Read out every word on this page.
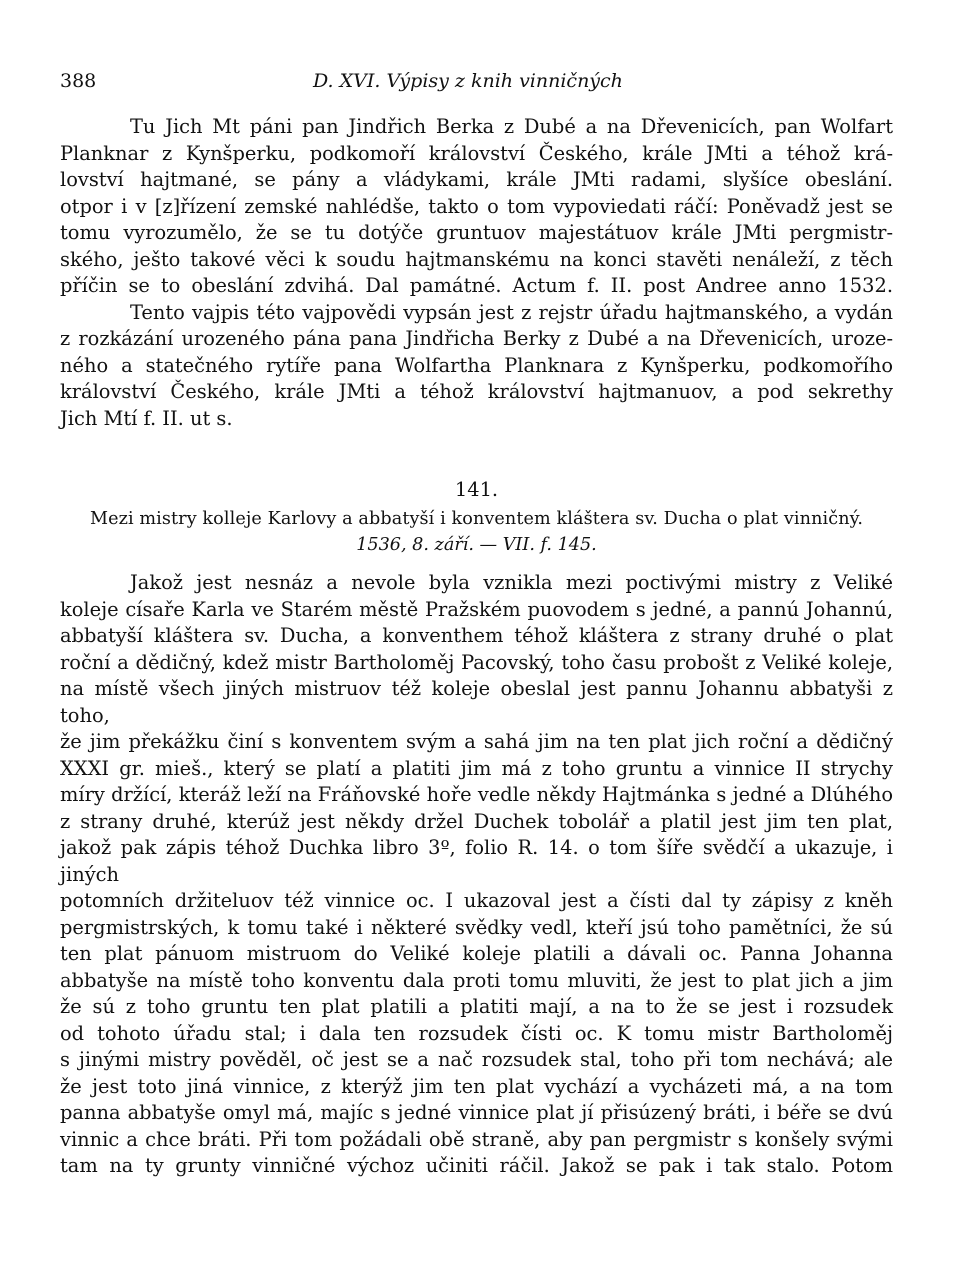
388	D. XVI. Výpisy z knih vinničných
Tu Jich Mt páni pan Jindřich Berka z Dubé a na Dřevenicích, pan Wolfart
Planknar z Kynšperku, podkomoří království Českého, krále JMti a téhož krá-
lovství hajtmané, se pány a vládykami, krále JMti radami, slyšíce obeslání.
otpor i v [z]řízení zemské nahlédše, takto o tom vypoviedati ráčí: Poněvadž jest se
tomu vyrozumělo, že se tu dotýče gruntuov majestátuov krále JMti pergmistr-
ského, ješto takové věci k soudu hajtmanskému na konci stavěti nenáleží, z těch
příčin se to obeslání zdvihá. Dal památné. Actum f. II. post Andree anno 1532.
Tento vajpis této vajpovědi vypsán jest z rejstr úřadu hajtmanského, a vydán
z rozkázání urozeného pána pana Jindřicha Berky z Dubé a na Dřevenicích, uroze-
ného a statečného rytíře pana Wolfartha Planknara z Kynšperku, podkomořího
království Českého, krále JMti a téhož království hajtmanuov, a pod sekrethy
Jich Mtí f. II. ut s.
141.
Mezi mistry kolleje Karlovy a abbatyší i konventem kláštera sv. Ducha o plat vinničný.
1536, 8. září. — VII. f. 145.
Jakož jest nesnáz a nevole byla vznikla mezi poctivými mistry z Veliké
koleje císaře Karla ve Starém městě Pražském puovodem s jedné, a pannú Johannú,
abbatyší kláštera sv. Ducha, a konventhem téhož kláštera z strany druhé o plat
roční a dědičný, kdež mistr Bartholoměj Pacovský, toho času probošt z Veliké koleje,
na místě všech jiných mistruov též koleje obeslal jest pannu Johannu abbatyši z toho,
že jim překážku činí s konventem svým a sahá jim na ten plat jich roční a dědičný
XXXI gr. mieš., který se platí a platiti jim má z toho gruntu a vinnice II strychy
míry držící, kteráž leží na Fráňovské hoře vedle někdy Hajtmánka s jedné a Dlúhého
z strany druhé, kterúž jest někdy držel Duchek tobolář a platil jest jim ten plat,
jakož pak zápis téhož Duchka libro 3º, folio R. 14. o tom šíře svědčí a ukazuje, i jiných
potomních držiteluov též vinnice oc. I ukazoval jest a čísti dal ty zápisy z kněh
pergmistrských, k tomu také i některé svědky vedl, kteří jsú toho pamětníci, že sú
ten plat pánuom mistruom do Veliké koleje platili a dávali oc. Panna Johanna
abbatyše na místě toho konventu dala proti tomu mluviti, že jest to plat jich a jim
že sú z toho gruntu ten plat platili a platiti mají, a na to že se jest i rozsudek
od tohoto úřadu stal; i dala ten rozsudek čísti oc. K tomu mistr Bartholoměj
s jinými mistry pověděl, oč jest se a nač rozsudek stal, toho při tom nechává; ale
že jest toto jiná vinnice, z kterýž jim ten plat vychází a vycházeti má, a na tom
panna abbatyše omyl má, majíc s jedné vinnice plat jí přisúzený bráti, i béře se dvú
vinnic a chce bráti. Při tom požádali obě straně, aby pan pergmistr s konšely svými
tam na ty grunty vinničné výchoz učiniti ráčil. Jakož se pak i tak stalo. Potom
